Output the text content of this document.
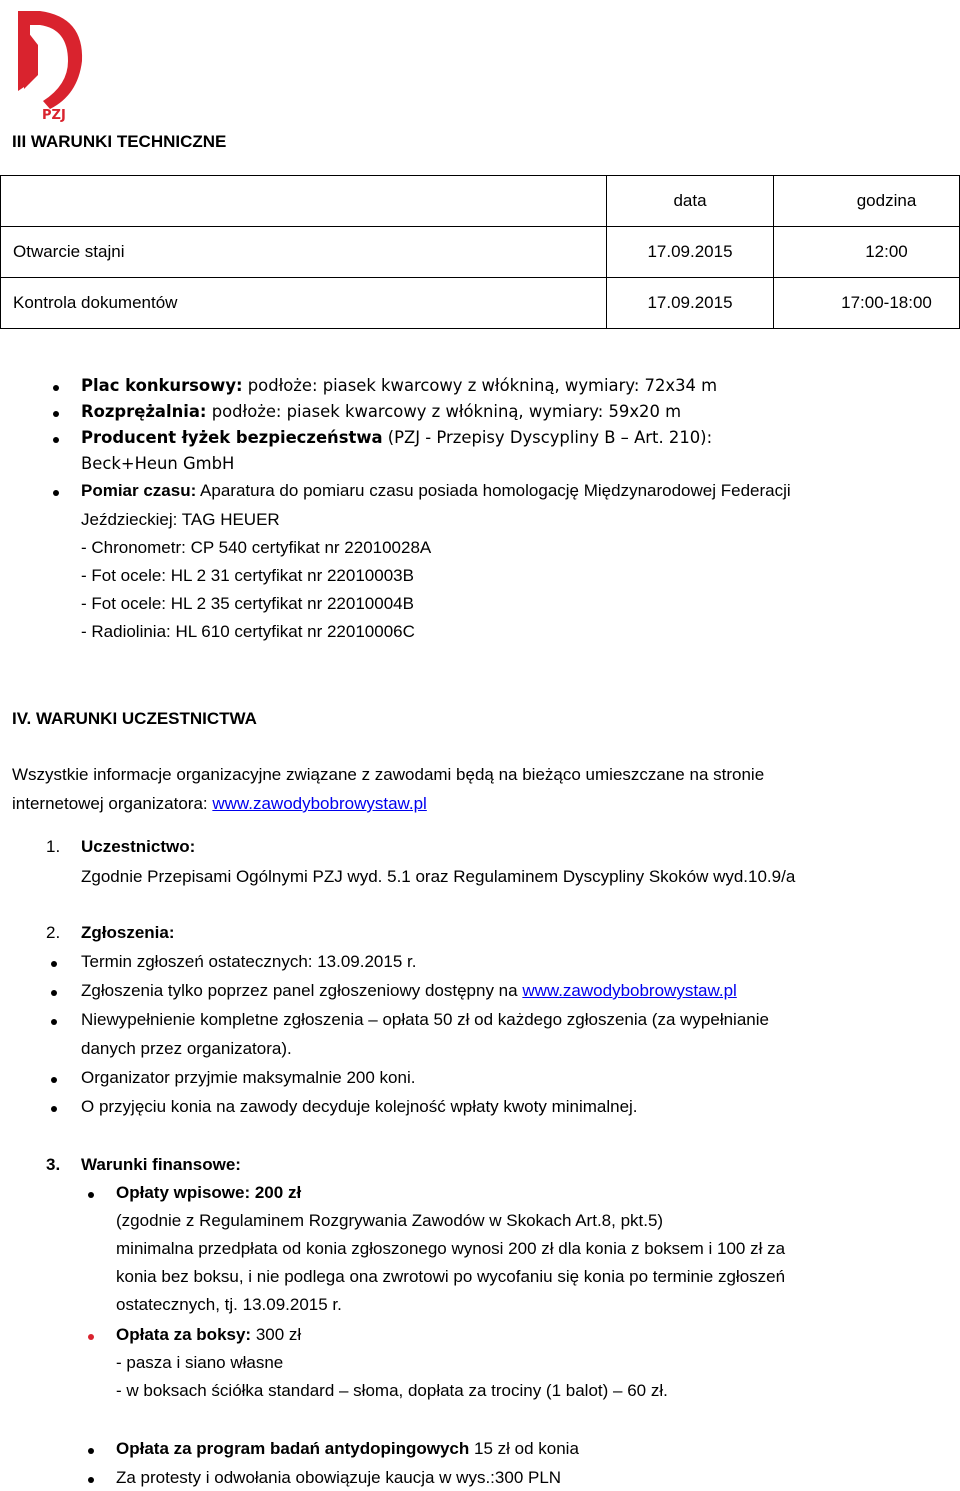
PZJ
III WARUNKI TECHNICZNE
	data	godzina
Otwarcie stajni	17.09.2015	12:00
Kontrola dokumentów	17.09.2015	17:00-18:00
Plac konkursowy: podłoże: piasek kwarcowy z włókniną, wymiary: 72x34 m
Rozprężalnia: podłoże: piasek kwarcowy z włókniną, wymiary: 59x20 m
Producent łyżek bezpieczeństwa (PZJ - Przepisy Dyscypliny B – Art. 210):
Beck+Heun GmbH
Pomiar czasu: Aparatura do pomiaru czasu posiada homologację Międzynarodowej Federacji
Jeździeckiej: TAG HEUER
- Chronometr: CP 540 certyfikat nr 22010028A
- Fot ocele: HL 2 31 certyfikat nr 22010003B
- Fot ocele: HL 2 35 certyfikat nr 22010004B
- Radiolinia: HL 610 certyfikat nr 22010006C
IV. WARUNKI UCZESTNICTWA
Wszystkie informacje organizacyjne związane z zawodami będą na bieżąco umieszczane na stronie
internetowej organizatora: www.zawodybobrowystaw.pl
1. Uczestnictwo:
Zgodnie Przepisami Ogólnymi PZJ wyd. 5.1 oraz Regulaminem Dyscypliny Skoków wyd.10.9/a
2. Zgłoszenia:
Termin zgłoszeń ostatecznych: 13.09.2015 r.
Zgłoszenia tylko poprzez panel zgłoszeniowy dostępny na www.zawodybobrowystaw.pl
Niewypełnienie kompletne zgłoszenia – opłata 50 zł od każdego zgłoszenia (za wypełnianie
danych przez organizatora).
Organizator przyjmie maksymalnie 200 koni.
O przyjęciu konia na zawody decyduje kolejność wpłaty kwoty minimalnej.
3. Warunki finansowe:
Opłaty wpisowe: 200 zł
(zgodnie z Regulaminem Rozgrywania Zawodów w Skokach Art.8, pkt.5)
minimalna przedpłata od konia zgłoszonego wynosi 200 zł dla konia z boksem i 100 zł za
konia bez boksu, i nie podlega ona zwrotowi po wycofaniu się konia po terminie zgłoszeń
ostatecznych, tj. 13.09.2015 r.
Opłata za boksy: 300 zł
- pasza i siano własne
- w boksach ściółka standard – słoma, dopłata za trociny (1 balot) – 60 zł.
Opłata za program badań antydopingowych 15 zł od konia
Za protesty i odwołania obowiązuje kaucja w wys.:300 PLN
